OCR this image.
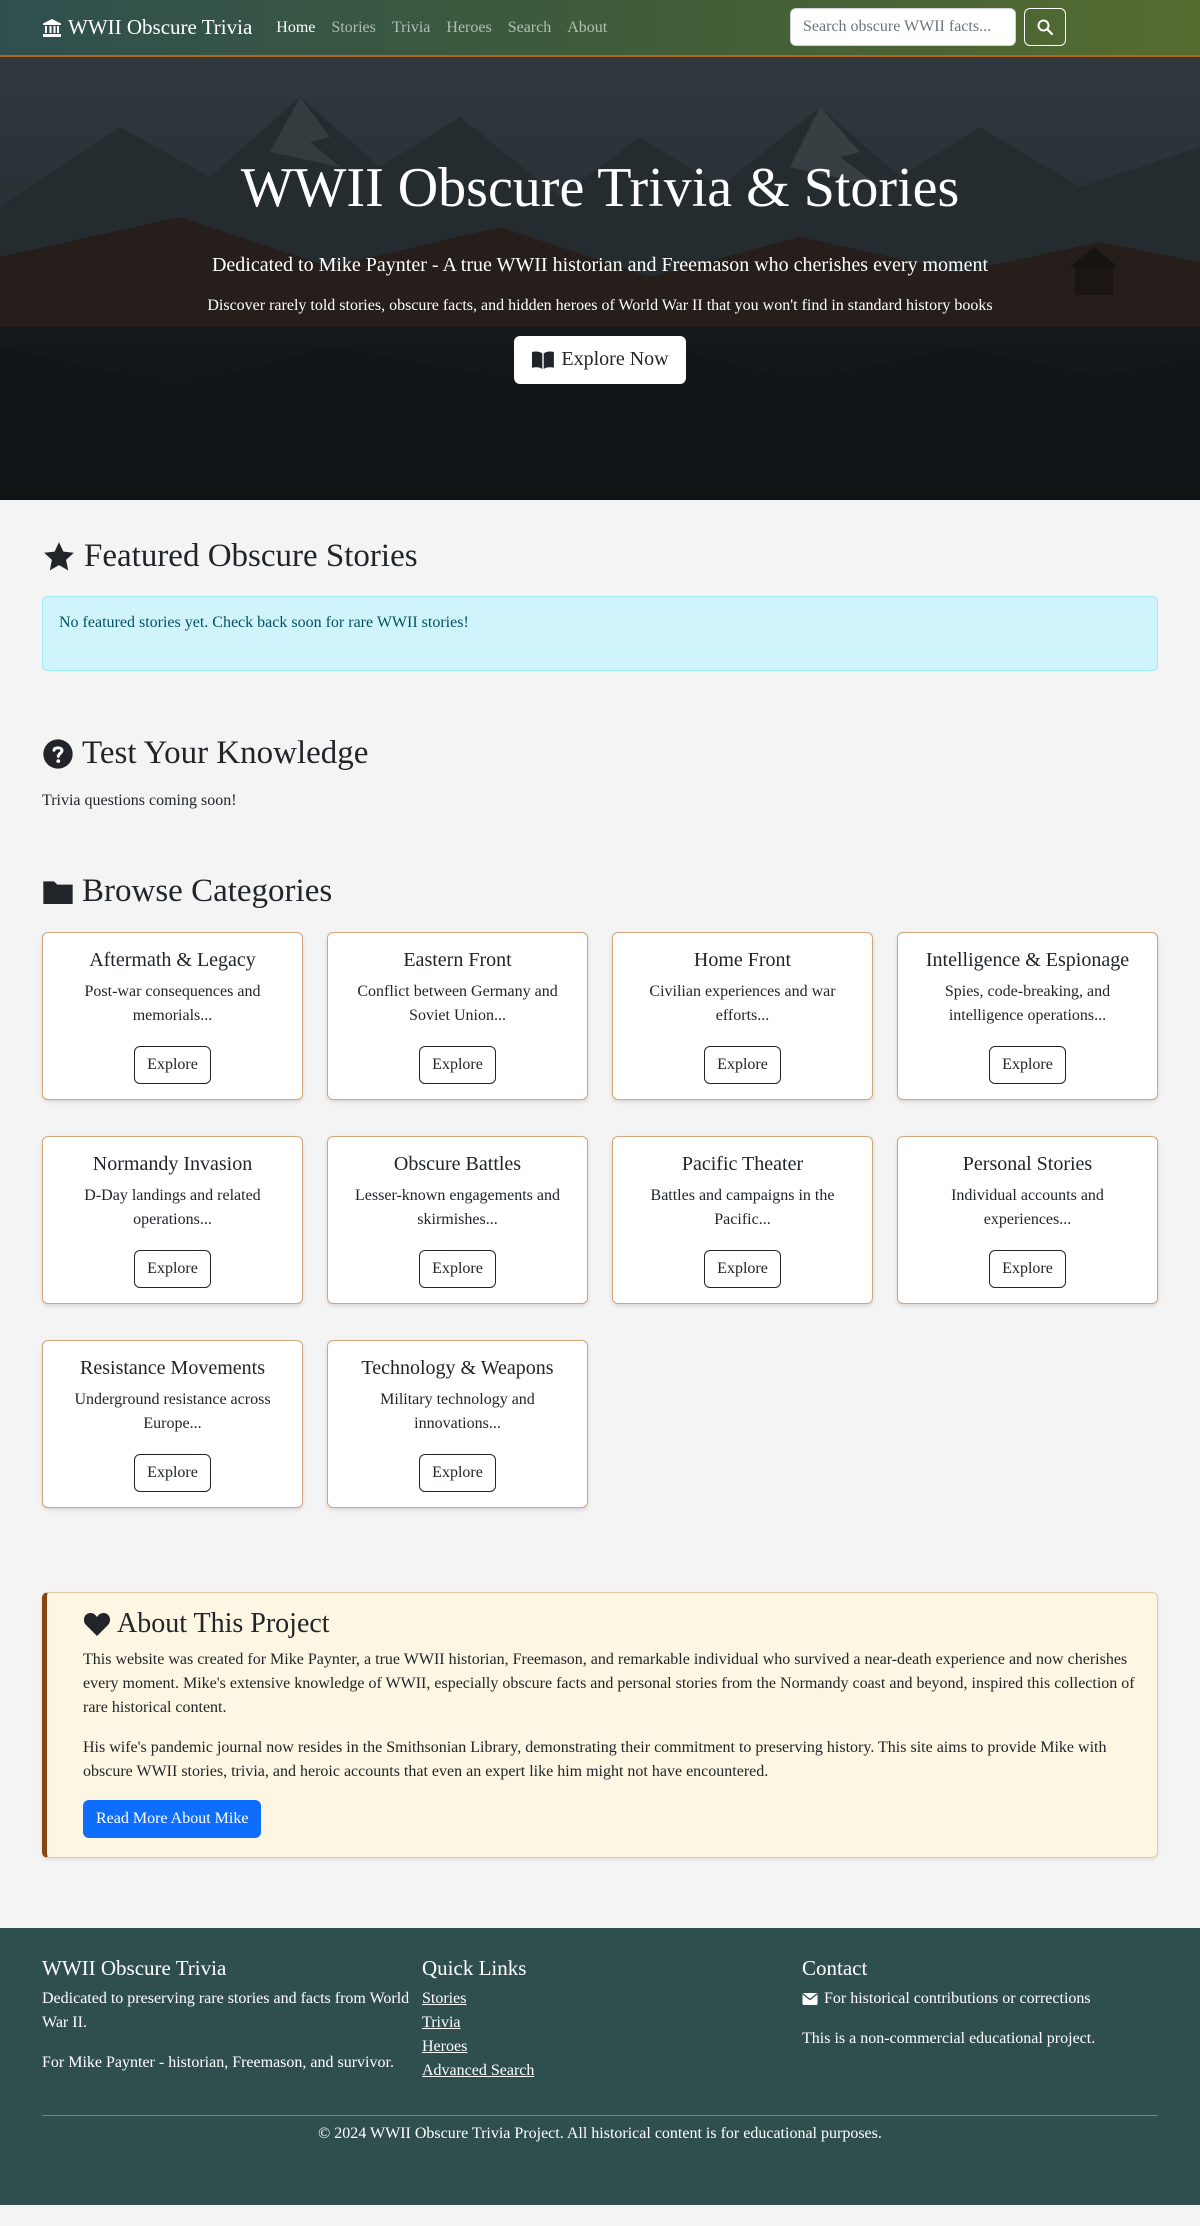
WWII Obscure Trivia Home Stories Trivia Heroes Search About
Search obscure WWII facts...
WWII Obscure Trivia & Stories

Dedicated to Mike Paynter - A true WWII historian and Freemason who cherishes every moment

Discover rarely told stories, obscure facts, and hidden heroes of World War II that you won't find in standard history books

Explore Now
Featured Obscure Stories
No featured stories yet. Check back soon for rare WWII stories!
Test Your Knowledge

Trivia questions coming soon!

Browse Categories
Aftermath & Legacy

Post-war consequences and memorials...

Explore
Eastern Front

Conflict between Germany and Soviet Union...

Explore
Home Front

Civilian experiences and war efforts...

Explore
Intelligence & Espionage

Spies, code-breaking, and intelligence operations...

Explore
Normandy Invasion

D-Day landings and related operations...

Explore
Obscure Battles

Lesser-known engagements and skirmishes...

Explore
Pacific Theater

Battles and campaigns in the Pacific...

Explore
Personal Stories

Individual accounts and experiences...

Explore
Resistance Movements

Underground resistance across Europe...

Explore
Technology & Weapons

Military technology and innovations...

Explore
About This Project

This website was created for Mike Paynter, a true WWII historian, Freemason, and remarkable individual who survived a near-death experience and now cherishes every moment. Mike's extensive knowledge of WWII, especially obscure facts and personal stories from the Normandy coast and beyond, inspired this collection of rare historical content.

His wife's pandemic journal now resides in the Smithsonian Library, demonstrating their commitment to preserving history. This site aims to provide Mike with obscure WWII stories, trivia, and heroic accounts that even an expert like him might not have encountered.

Read More About Mike
WWII Obscure Trivia

Dedicated to preserving rare stories and facts from World War II.

For Mike Paynter - historian, Freemason, and survivor.

Quick Links
Stories
Trivia
Heroes
Advanced Search
Contact

For historical contributions or corrections

This is a non-commercial educational project.

© 2024 WWII Obscure Trivia Project. All historical content is for educational purposes.
